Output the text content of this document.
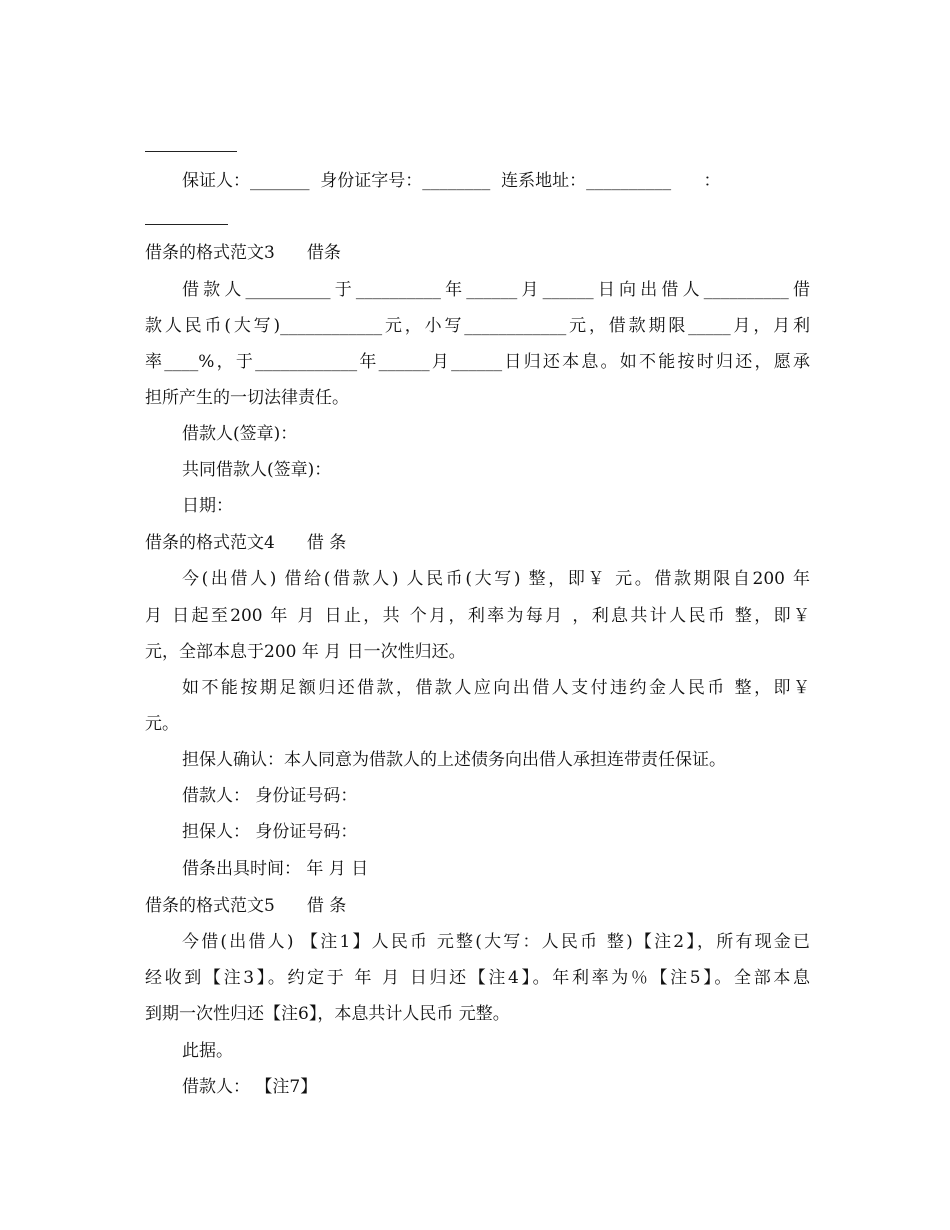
保证人：_______  身份证字号：________  连系地址：__________      ：
借条的格式范文3 借条
借款人__________于__________年______月______日向出借人__________借
款人民币(大写)____________元，小写____________元，借款期限_____月，月利
率____%，于____________年______月______日归还本息。如不能按时归还，愿承
担所产生的一切法律责任。
借款人(签章)：
共同借款人(签章)：
日期：
借条的格式范文4 借 条
今(出借人) 借给(借款人) 人民币(大写) 整，即￥ 元。借款期限自200 年
月 日起至200 年 月 日止，共 个月，利率为每月 ，利息共计人民币 整，即￥
元，全部本息于200 年 月 日一次性归还。
如不能按期足额归还借款，借款人应向出借人支付违约金人民币 整，即￥
元。
担保人确认：本人同意为借款人的上述债务向出借人承担连带责任保证。
借款人： 身份证号码：
担保人： 身份证号码：
借条出具时间： 年 月 日
借条的格式范文5 借 条
今借(出借人) 【注1】人民币 元整(大写：人民币 整)【注2】，所有现金已
经收到【注3】。约定于 年 月 日归还【注4】。年利率为％【注5】。全部本息
到期一次性归还【注6】，本息共计人民币 元整。
此据。
借款人： 【注7】
